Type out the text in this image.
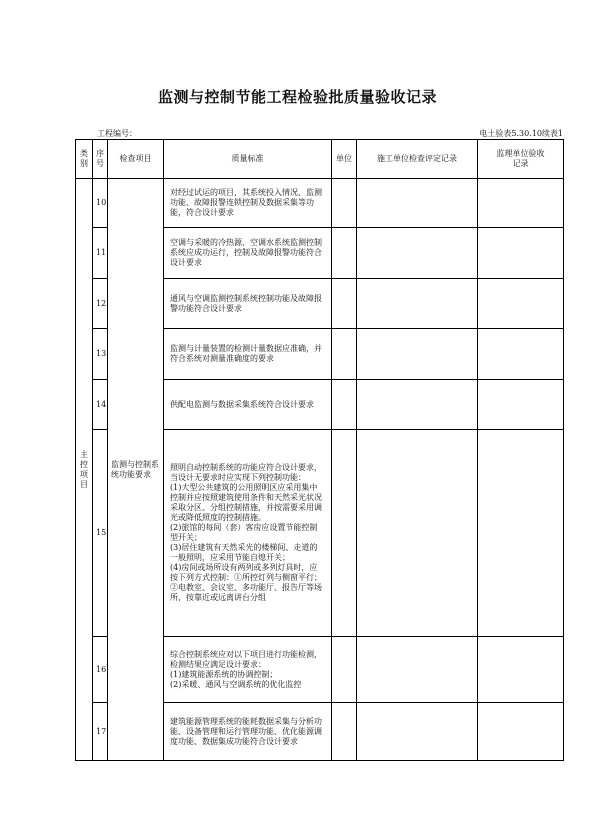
监测与控制节能工程检验批质量验收记录
工程编号：	电土验表5.30.10续表1
类别	序号	检查项目	质量标准	单位	施工单位检查评定记录	监理单位验收记录

主控项目	10	监测与控制系统功能要求	对经过试运的项目，其系统投入情况、监测功能、故障报警连锁控制及数据采集等功能，符合设计要求			
	11		空调与采暖的冷热源、空调水系统监测控制系统应成功运行，控制及故障报警功能符合设计要求			
	12		通风与空调监测控制系统控制功能及故障报警功能符合设计要求			
	13		监测与计量装置的检测计量数据应准确，并符合系统对测量准确度的要求			
	14		供配电监测与数据采集系统符合设计要求			
	15		照明自动控制系统的功能应符合设计要求，当设计无要求时应实现下列控制功能：
(1)大型公共建筑的公用照明区应采用集中控制并应按照建筑使用条件和天然采光状况采取分区、分组控制措施，并按需要采用调光或降低照度的控制措施。
(2)旅馆的每间（套）客房应设置节能控制型开关；
(3)居住建筑有天然采光的楼梯间、走道的一般照明，应采用节能自熄开关；
(4)房间或场所设有两列或多列灯具时，应按下列方式控制：①所控灯列与侧窗平行；②电教室、会议室、多功能厅、报告厅等场所，按靠近或远离讲台分组			
	16		综合控制系统应对以下项目进行功能检测，检测结果应满足设计要求：
(1)建筑能源系统的协调控制；
(2)采暖、通风与空调系统的优化监控			
	17		建筑能源管理系统的能耗数据采集与分析功能、设备管理和运行管理功能、优化能源调度功能、数据集成功能符合设计要求			
